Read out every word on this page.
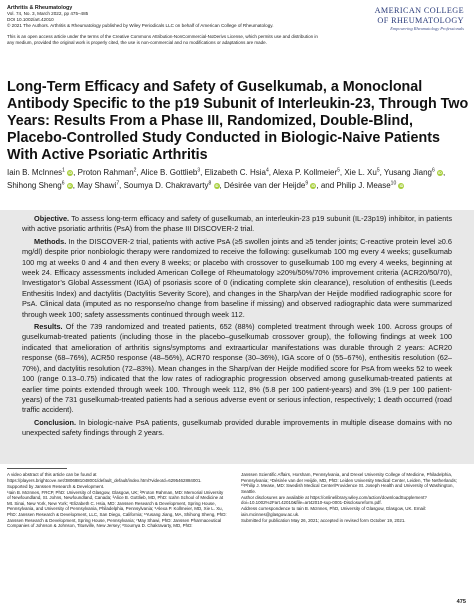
Arthritis & Rheumatology
Vol. 74, No. 3, March 2022, pp 475–485
DOI 10.1002/art.42010
© 2021 The Authors. Arthritis & Rheumatology published by Wiley Periodicals LLC on behalf of American College of Rheumatology.
This is an open access article under the terms of the Creative Commons Attribution-NonCommercial-NoDerivs License, which permits use and distribution in any medium, provided the original work is properly cited, the use is non-commercial and no modifications or adaptations are made.
AMERICAN COLLEGE
OF RHEUMATOLOGY
Empowering Rheumatology Professionals
Long-Term Efficacy and Safety of Guselkumab, a Monoclonal Antibody Specific to the p19 Subunit of Interleukin-23, Through Two Years: Results From a Phase III, Randomized, Double-Blind, Placebo-Controlled Study Conducted in Biologic-Naive Patients With Active Psoriatic Arthritis
Iain B. McInnes$^1$ iD, Proton Rahman$^2$, Alice B. Gottlieb$^3$, Elizabeth C. Hsia$^4$, Alexa P. Kollmeier$^5$, Xie L. Xu$^5$, Yusang Jiang$^6$ iD, Shihong Sheng$^6$ iD, May Shawi$^7$, Soumya D. Chakravarty$^8$ iD, Désirée van der Heijde$^9$ iD, and Philip J. Mease$^{10}$ iD

Objective. To assess long-term efficacy and safety of guselkumab, an interleukin-23 p19 subunit (IL-23p19) inhibitor, in patients with active psoriatic arthritis (PsA) from the phase III DISCOVER-2 trial.

Methods. In the DISCOVER-2 trial, patients with active PsA (≥5 swollen joints and ≥5 tender joints; C-reactive protein level ≥0.6 mg/dl) despite prior nonbiologic therapy were randomized to receive the following: guselkumab 100 mg every 4 weeks; guselkumab 100 mg at weeks 0 and 4 and then every 8 weeks; or placebo with crossover to guselkumab 100 mg every 4 weeks, beginning at week 24. Efficacy assessments included American College of Rheumatology ≥20%/50%/70% improvement criteria (ACR20/50/70), Investigator’s Global Assessment (IGA) of psoriasis score of 0 (indicating complete skin clearance), resolution of enthesitis (Leeds Enthesitis Index) and dactylitis (Dactylitis Severity Score), and changes in the Sharp/van der Heijde modified radiographic score for PsA. Clinical data (imputed as no response/no change from baseline if missing) and observed radiographic data were summarized through week 100; safety assessments continued through week 112.

Results. Of the 739 randomized and treated patients, 652 (88%) completed treatment through week 100. Across groups of guselkumab-treated patients (including those in the placebo–guselkumab crossover group), the following findings at week 100 indicated that amelioration of arthritis signs/symptoms and extraarticular manifestations was durable through 2 years: ACR20 response (68–76%), ACR50 response (48–56%), ACR70 response (30–36%), IGA score of 0 (55–67%), enthesitis resolution (62–70%), and dactylitis resolution (72–83%). Mean changes in the Sharp/van der Heijde modified score for PsA from weeks 52 to week 100 (range 0.13–0.75) indicated that the low rates of radiographic progression observed among guselkumab-treated patients at earlier time points extended through week 100. Through week 112, 8% (5.8 per 100 patient-years) and 3% (1.9 per 100 patient-years) of the 731 guselkumab-treated patients had a serious adverse event or serious infection, respectively; 1 death occurred (road traffic accident).

Conclusion. In biologic-naive PsA patients, guselkumab provided durable improvements in multiple disease domains with no unexpected safety findings through 2 years.

A video abstract of this article can be found at https://players.brightcove.net/3806881048001/default_default/index.html?videoId=6295462884001.

Supported by Janssen Research & Development.

¹Iain B. McInnes, FRCP, PhD: University of Glasgow, Glasgow, UK; ²Proton Rahman, MD: Memorial University of Newfoundland, St. Johns, Newfoundland, Canada; ³Alice B. Gottlieb, MD, PhD: Icahn School of Medicine at Mt. Sinai, New York, New York; ⁴Elizabeth C. Hsia, MD: Janssen Research & Development, Spring House, Pennsylvania, and University of Pennsylvania, Philadelphia, Pennsylvania; ⁵Alexa P. Kollmeier, MD, Xie L. Xu, PhD: Janssen Research & Development, LLC, San Diego, California; ⁶Yusang Jiang, MA, Shihong Sheng, PhD: Janssen Research & Development, Spring House, Pennsylvania; ⁷May Shawi, PhD: Janssen Pharmaceutical Companies of Johnson & Johnson, Titusville, New Jersey; ⁸Soumya D. Chakravarty, MD, PhD:

Janssen Scientific Affairs, Horsham, Pennsylvania, and Drexel University College of Medicine, Philadelphia, Pennsylvania; ⁹Désirée van der Heijde, MD, PhD: Leiden University Medical Center, Leiden, The Netherlands; ¹⁰Philip J. Mease, MD: Swedish Medical Center/Providence St. Joseph Health and University of Washington, Seattle.

Author disclosures are available at https://onlinelibrary.wiley.com/action/downloadSupplement?doi=10.1002%2Fart.42010&file=art42010-sup-0001-Disclosureform.pdf.

Address correspondence to Iain B. McInnes, PhD, University of Glasgow, Glasgow, UK. Email: iain.mcinnes@glasgow.ac.uk.

Submitted for publication May 26, 2021; accepted in revised form October 19, 2021.

475
